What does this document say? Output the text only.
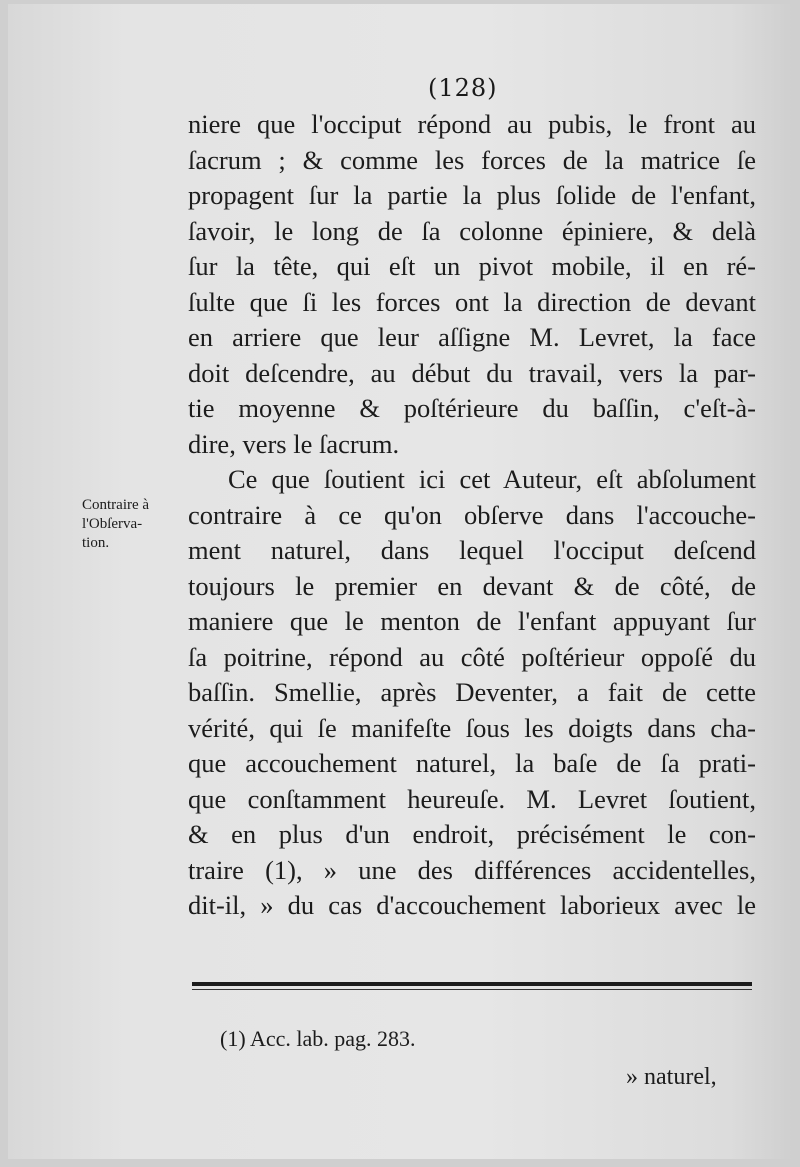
(128)
niere que l'occiput répond au pubis, le front au
ſacrum ; & comme les forces de la matrice ſe
propagent ſur la partie la plus ſolide de l'enfant,
ſavoir, le long de ſa colonne épiniere, & delà
ſur la tête, qui eſt un pivot mobile, il en ré-
ſulte que ſi les forces ont la direction de devant
en arriere que leur aſſigne M. Levret, la face
doit deſcendre, au début du travail, vers la par-
tie moyenne & poſtérieure du baſſin, c'eſt-à-
dire, vers le ſacrum.
Ce que ſoutient ici cet Auteur, eſt abſolument
contraire à ce qu'on obſerve dans l'accouche-
ment naturel, dans lequel l'occiput deſcend
toujours le premier en devant & de côté, de
maniere que le menton de l'enfant appuyant ſur
ſa poitrine, répond au côté poſtérieur oppoſé du
baſſin. Smellie, après Deventer, a fait de cette
vérité, qui ſe manifeſte ſous les doigts dans cha-
que accouchement naturel, la baſe de ſa prati-
que conſtamment heureuſe. M. Levret ſoutient,
& en plus d'un endroit, précisément le con-
traire (1), » une des différences accidentelles,
dit-il, » du cas d'accouchement laborieux avec le
Contraire à
l'Obſerva-
tion.
(1) Acc. lab. pag. 283.
» naturel,
